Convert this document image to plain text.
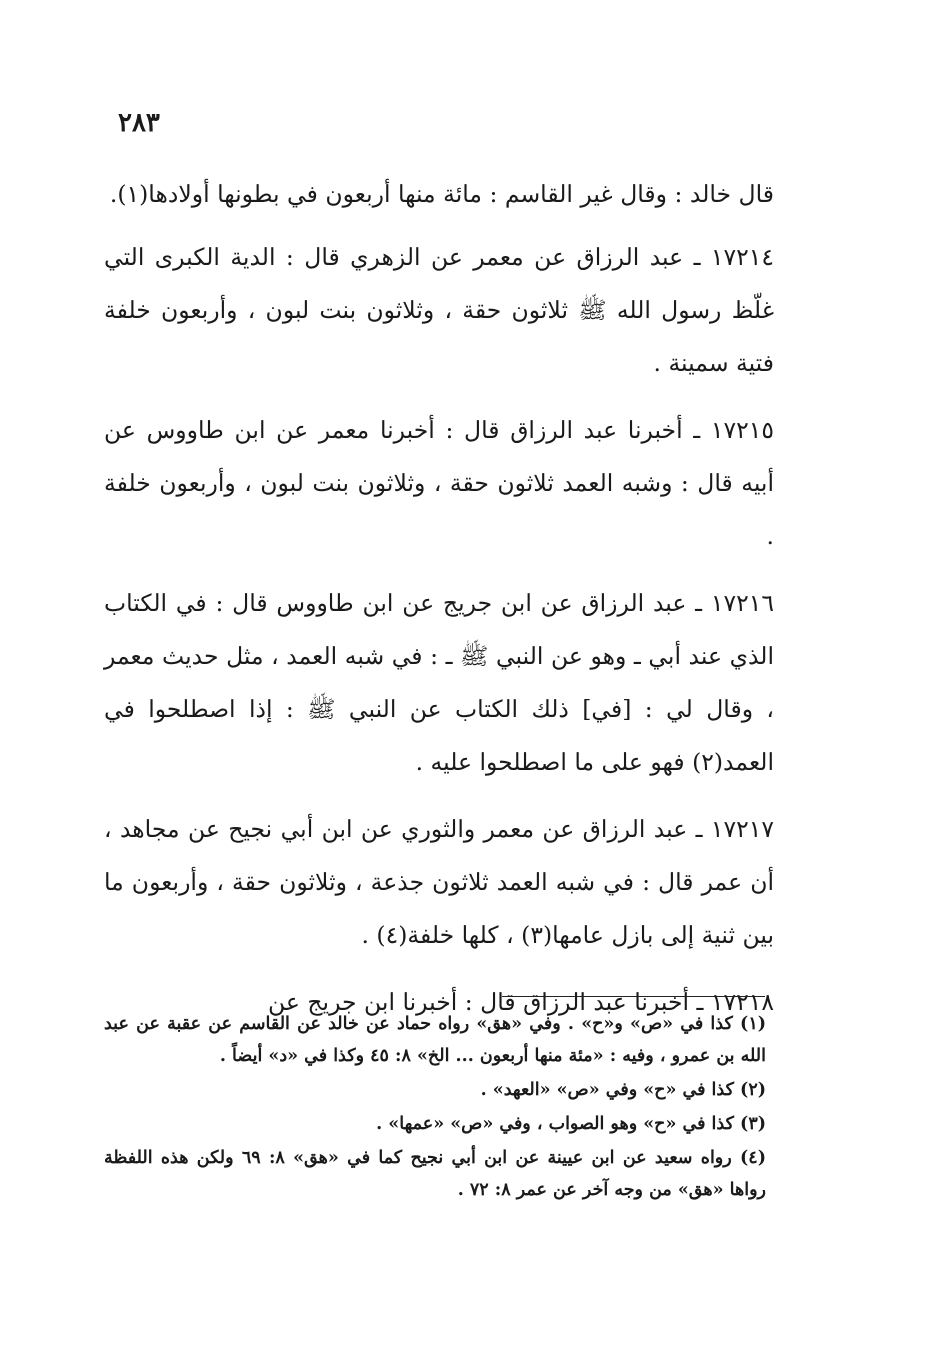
٢٨٣

قال خالد : وقال غير القاسم : مائة منها أربعون في بطونها أولادها(١).

١٧٢١٤ ـ عبد الرزاق عن معمر عن الزهري قال : الدية الكبرى التي غلّظ رسول الله ﷺ ثلاثون حقة ، وثلاثون بنت لبون ، وأربعون خلفة فتية سمينة .

١٧٢١٥ ـ أخبرنا عبد الرزاق قال : أخبرنا معمر عن ابن طاووس عن أبيه قال : وشبه العمد ثلاثون حقة ، وثلاثون بنت لبون ، وأربعون خلفة .

١٧٢١٦ ـ عبد الرزاق عن ابن جريج عن ابن طاووس قال : في الكتاب الذي عند أبي ـ وهو عن النبي ﷺ ـ : في شبه العمد ، مثل حديث معمر ، وقال لي : [في] ذلك الكتاب عن النبي ﷺ : إذا اصطلحوا في العمد(٢) فهو على ما اصطلحوا عليه .

١٧٢١٧ ـ عبد الرزاق عن معمر والثوري عن ابن أبي نجيح عن مجاهد ، أن عمر قال : في شبه العمد ثلاثون جذعة ، وثلاثون حقة ، وأربعون ما بين ثنية إلى بازل عامها(٣) ، كلها خلفة(٤) .

١٧٢١٨ ـ أخبرنا عبد الرزاق قال : أخبرنا ابن جريج عن

(١) كذا في «ص» و«ح» . وفي «هق» رواه حماد عن خالد عن القاسم عن عقبة عن عبد الله بن عمرو ، وفيه : «مئة منها أربعون ... الخ» ٨: ٤٥ وكذا في «د» أيضاً .

(٢) كذا في «ح» وفي «ص» «العهد» .

(٣) كذا في «ح» وهو الصواب ، وفي «ص» «عمها» .

(٤) رواه سعيد عن ابن عيينة عن ابن أبي نجيح كما في «هق» ٨: ٦٩ ولكن هذه اللفظة رواها «هق» من وجه آخر عن عمر ٨: ٧٢ .
